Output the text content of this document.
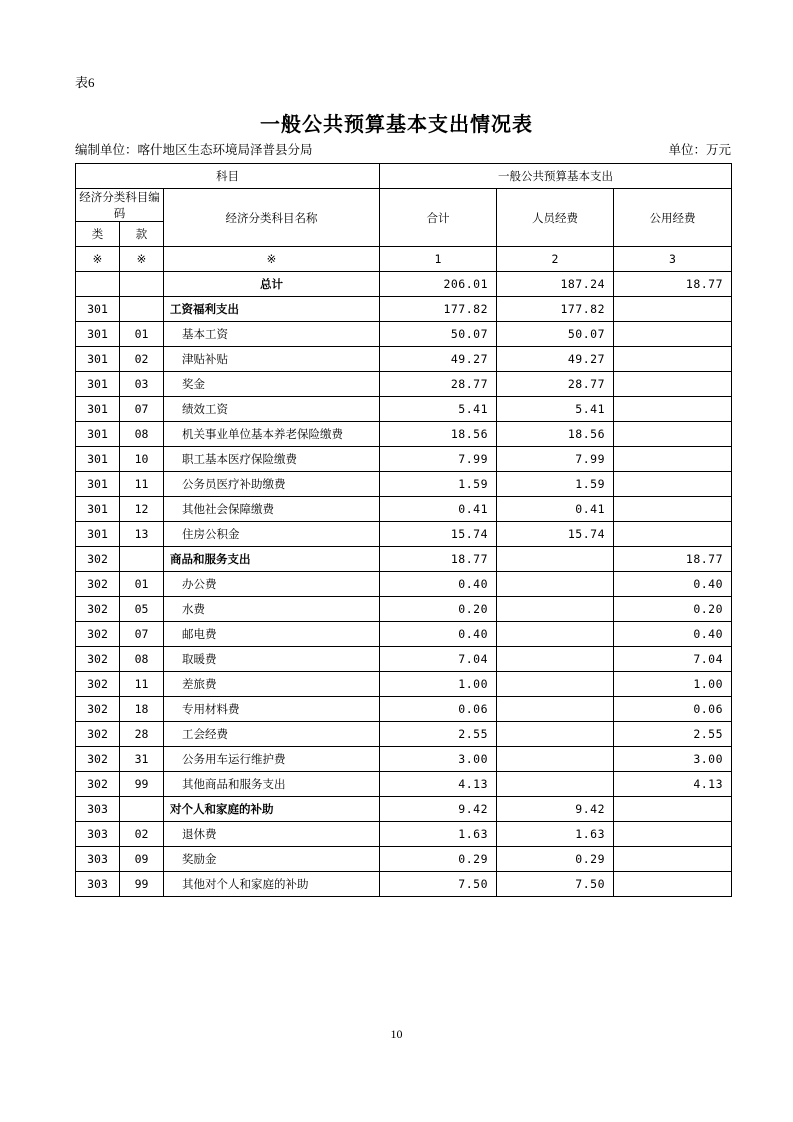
表6
一般公共预算基本支出情况表
编制单位：喀什地区生态环境局泽普县分局	单位：万元
科目			一般公共预算基本支出		
经济分类科目编码		经济分类科目名称	合计	人员经费	公用经费
类	款				
※	※	※	1	2	3
		总计	206.01	187.24	18.77
301		工资福利支出	177.82	177.82	
301	01	基本工资	50.07	50.07	
301	02	津贴补贴	49.27	49.27	
301	03	奖金	28.77	28.77	
301	07	绩效工资	5.41	5.41	
301	08	机关事业单位基本养老保险缴费	18.56	18.56	
301	10	职工基本医疗保险缴费	7.99	7.99	
301	11	公务员医疗补助缴费	1.59	1.59	
301	12	其他社会保障缴费	0.41	0.41	
301	13	住房公积金	15.74	15.74	
302		商品和服务支出	18.77		18.77
302	01	办公费	0.40		0.40
302	05	水费	0.20		0.20
302	07	邮电费	0.40		0.40
302	08	取暖费	7.04		7.04
302	11	差旅费	1.00		1.00
302	18	专用材料费	0.06		0.06
302	28	工会经费	2.55		2.55
302	31	公务用车运行维护费	3.00		3.00
302	99	其他商品和服务支出	4.13		4.13
303		对个人和家庭的补助	9.42	9.42	
303	02	退休费	1.63	1.63	
303	09	奖励金	0.29	0.29	
303	99	其他对个人和家庭的补助	7.50	7.50	
10
